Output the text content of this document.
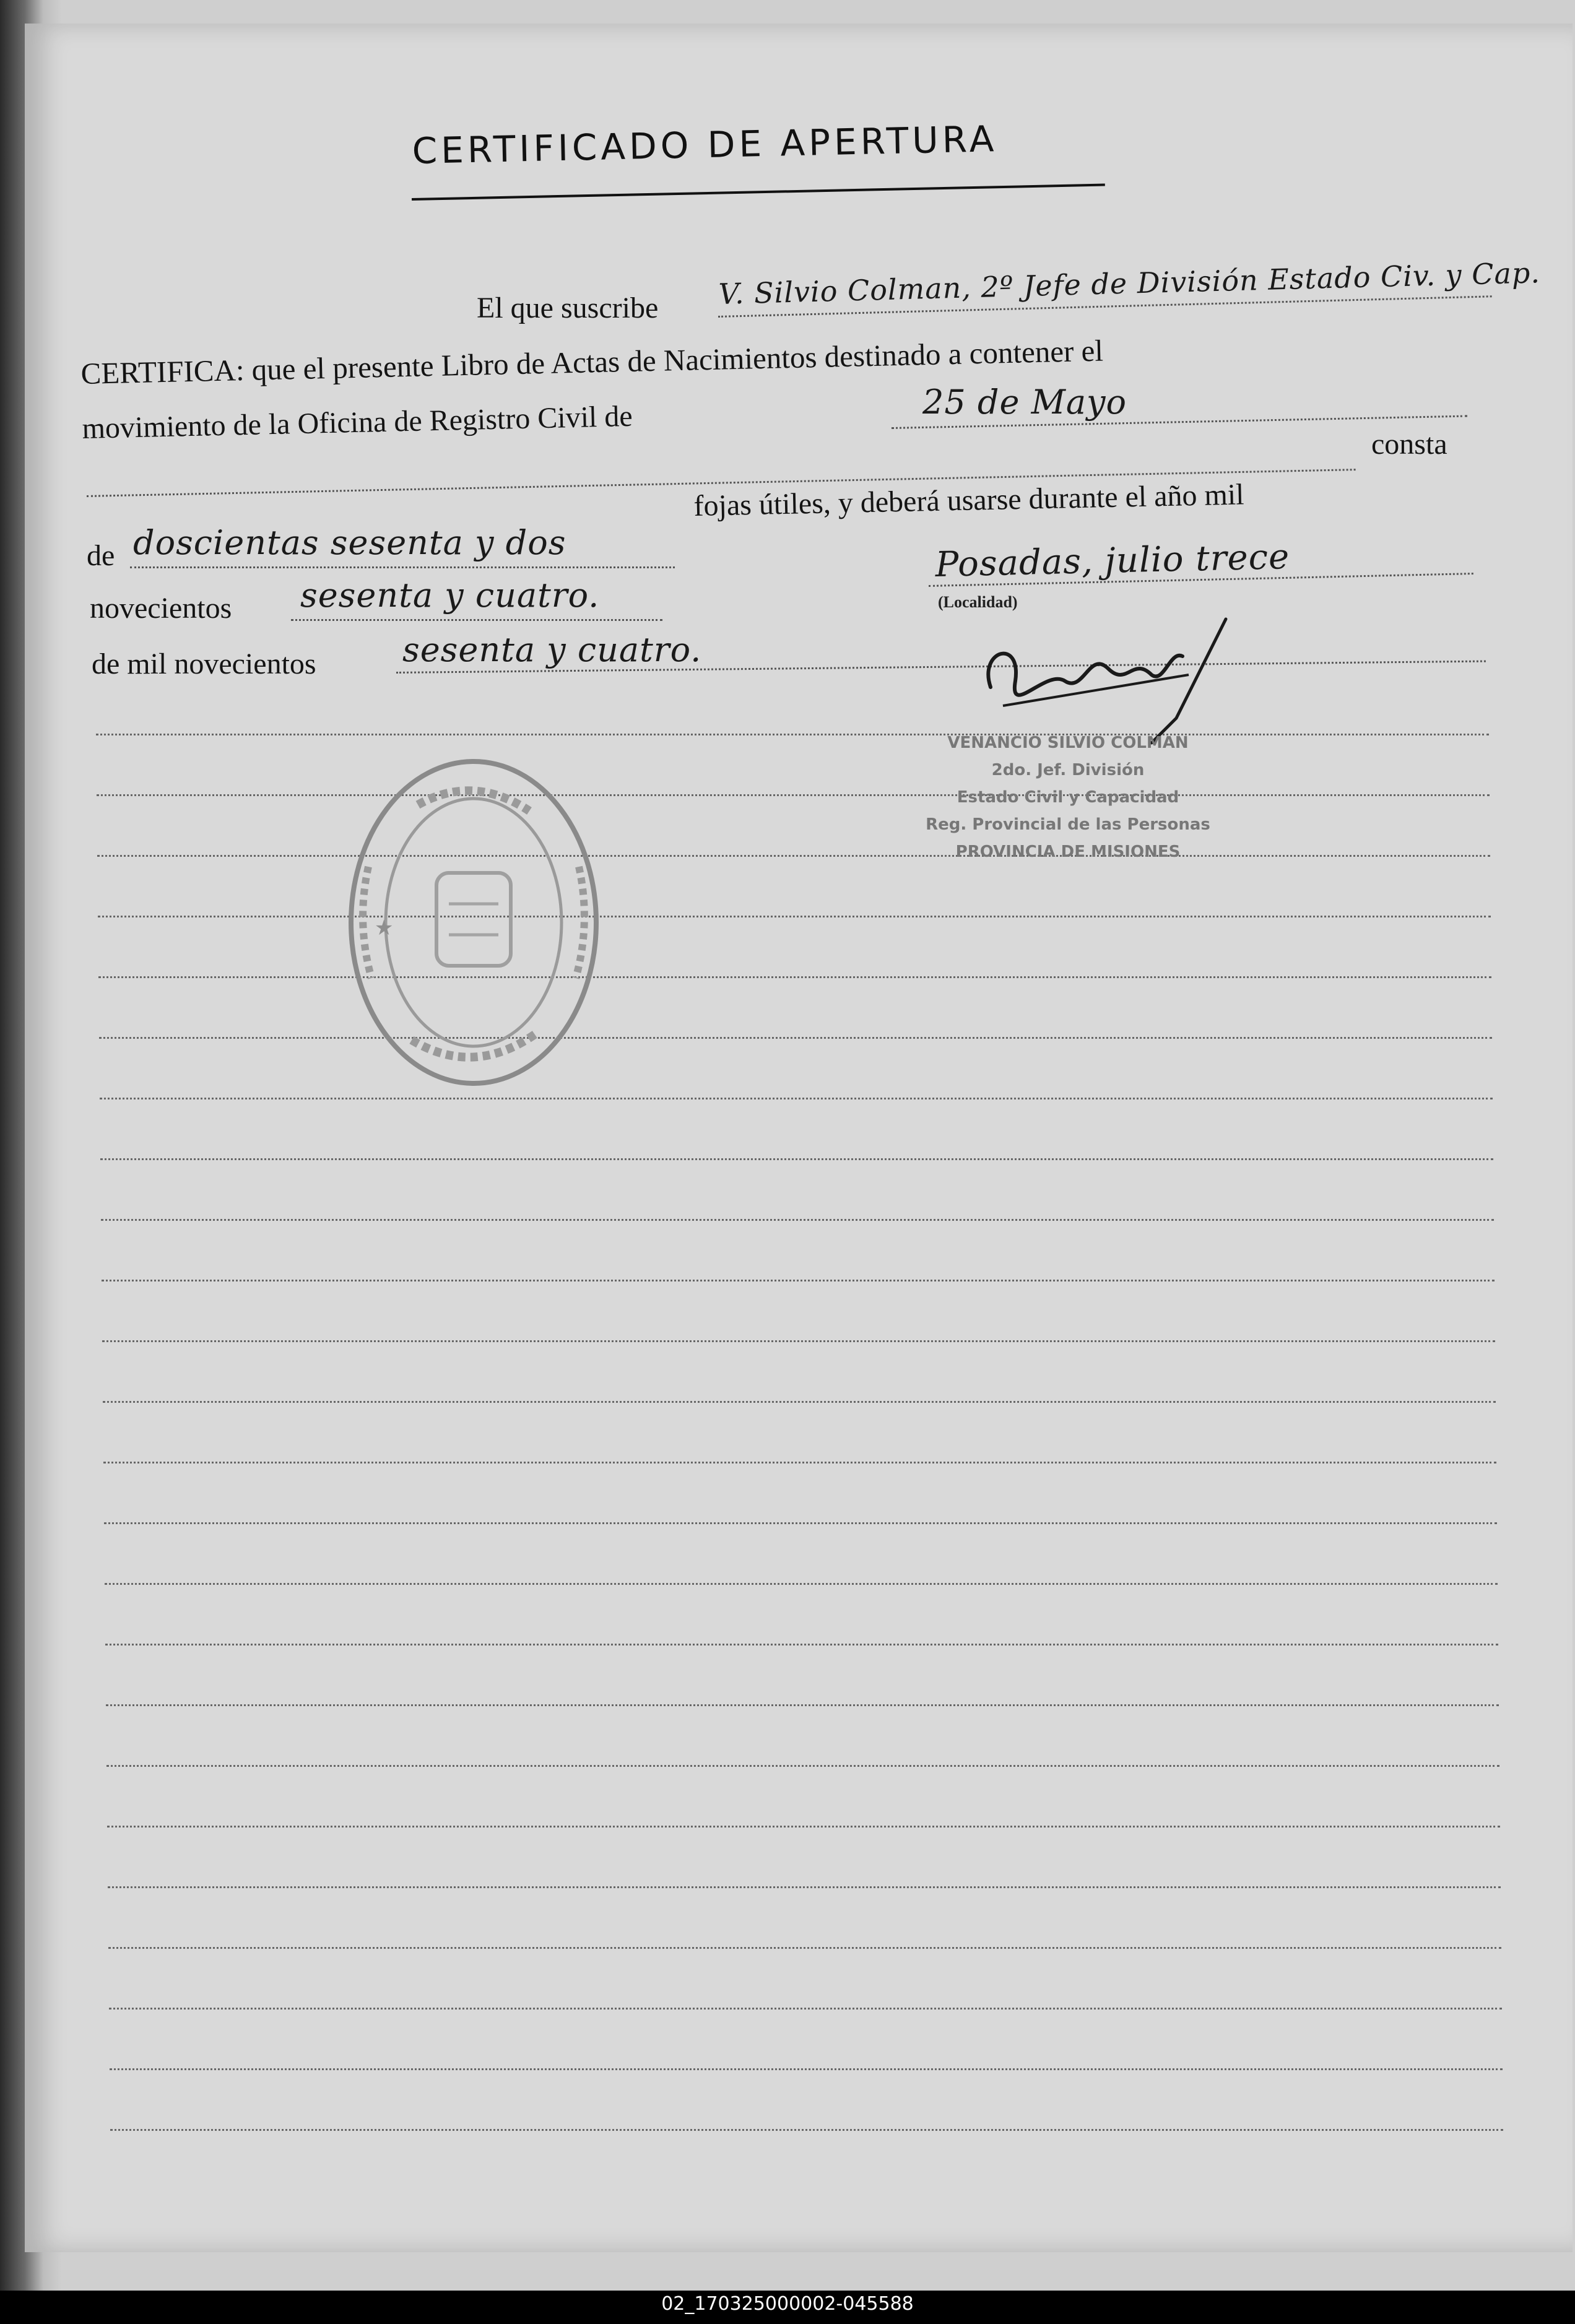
CERTIFICADO DE APERTURA
El que suscribe V. Silvio Colman, 2º Jefe de División Estado Civ. y Cap.
CERTIFICA: que el presente Libro de Actas de Nacimientos destinado a contener el
movimiento de la Oficina de Registro Civil de	25 de Mayo
consta
de doscientas sesenta y dos
fojas útiles, y deberá usarse durante el año mil
novecientos sesenta y cuatro.
Posadas, julio trece
(Localidad)
de mil novecientos	sesenta y cuatro.
★
VENANCIO SILVIO COLMAN
2do. Jef. División
Estado Civil y Capacidad
Reg. Provincial de las Personas
PROVINCIA DE MISIONES
02_170325000002-045588
